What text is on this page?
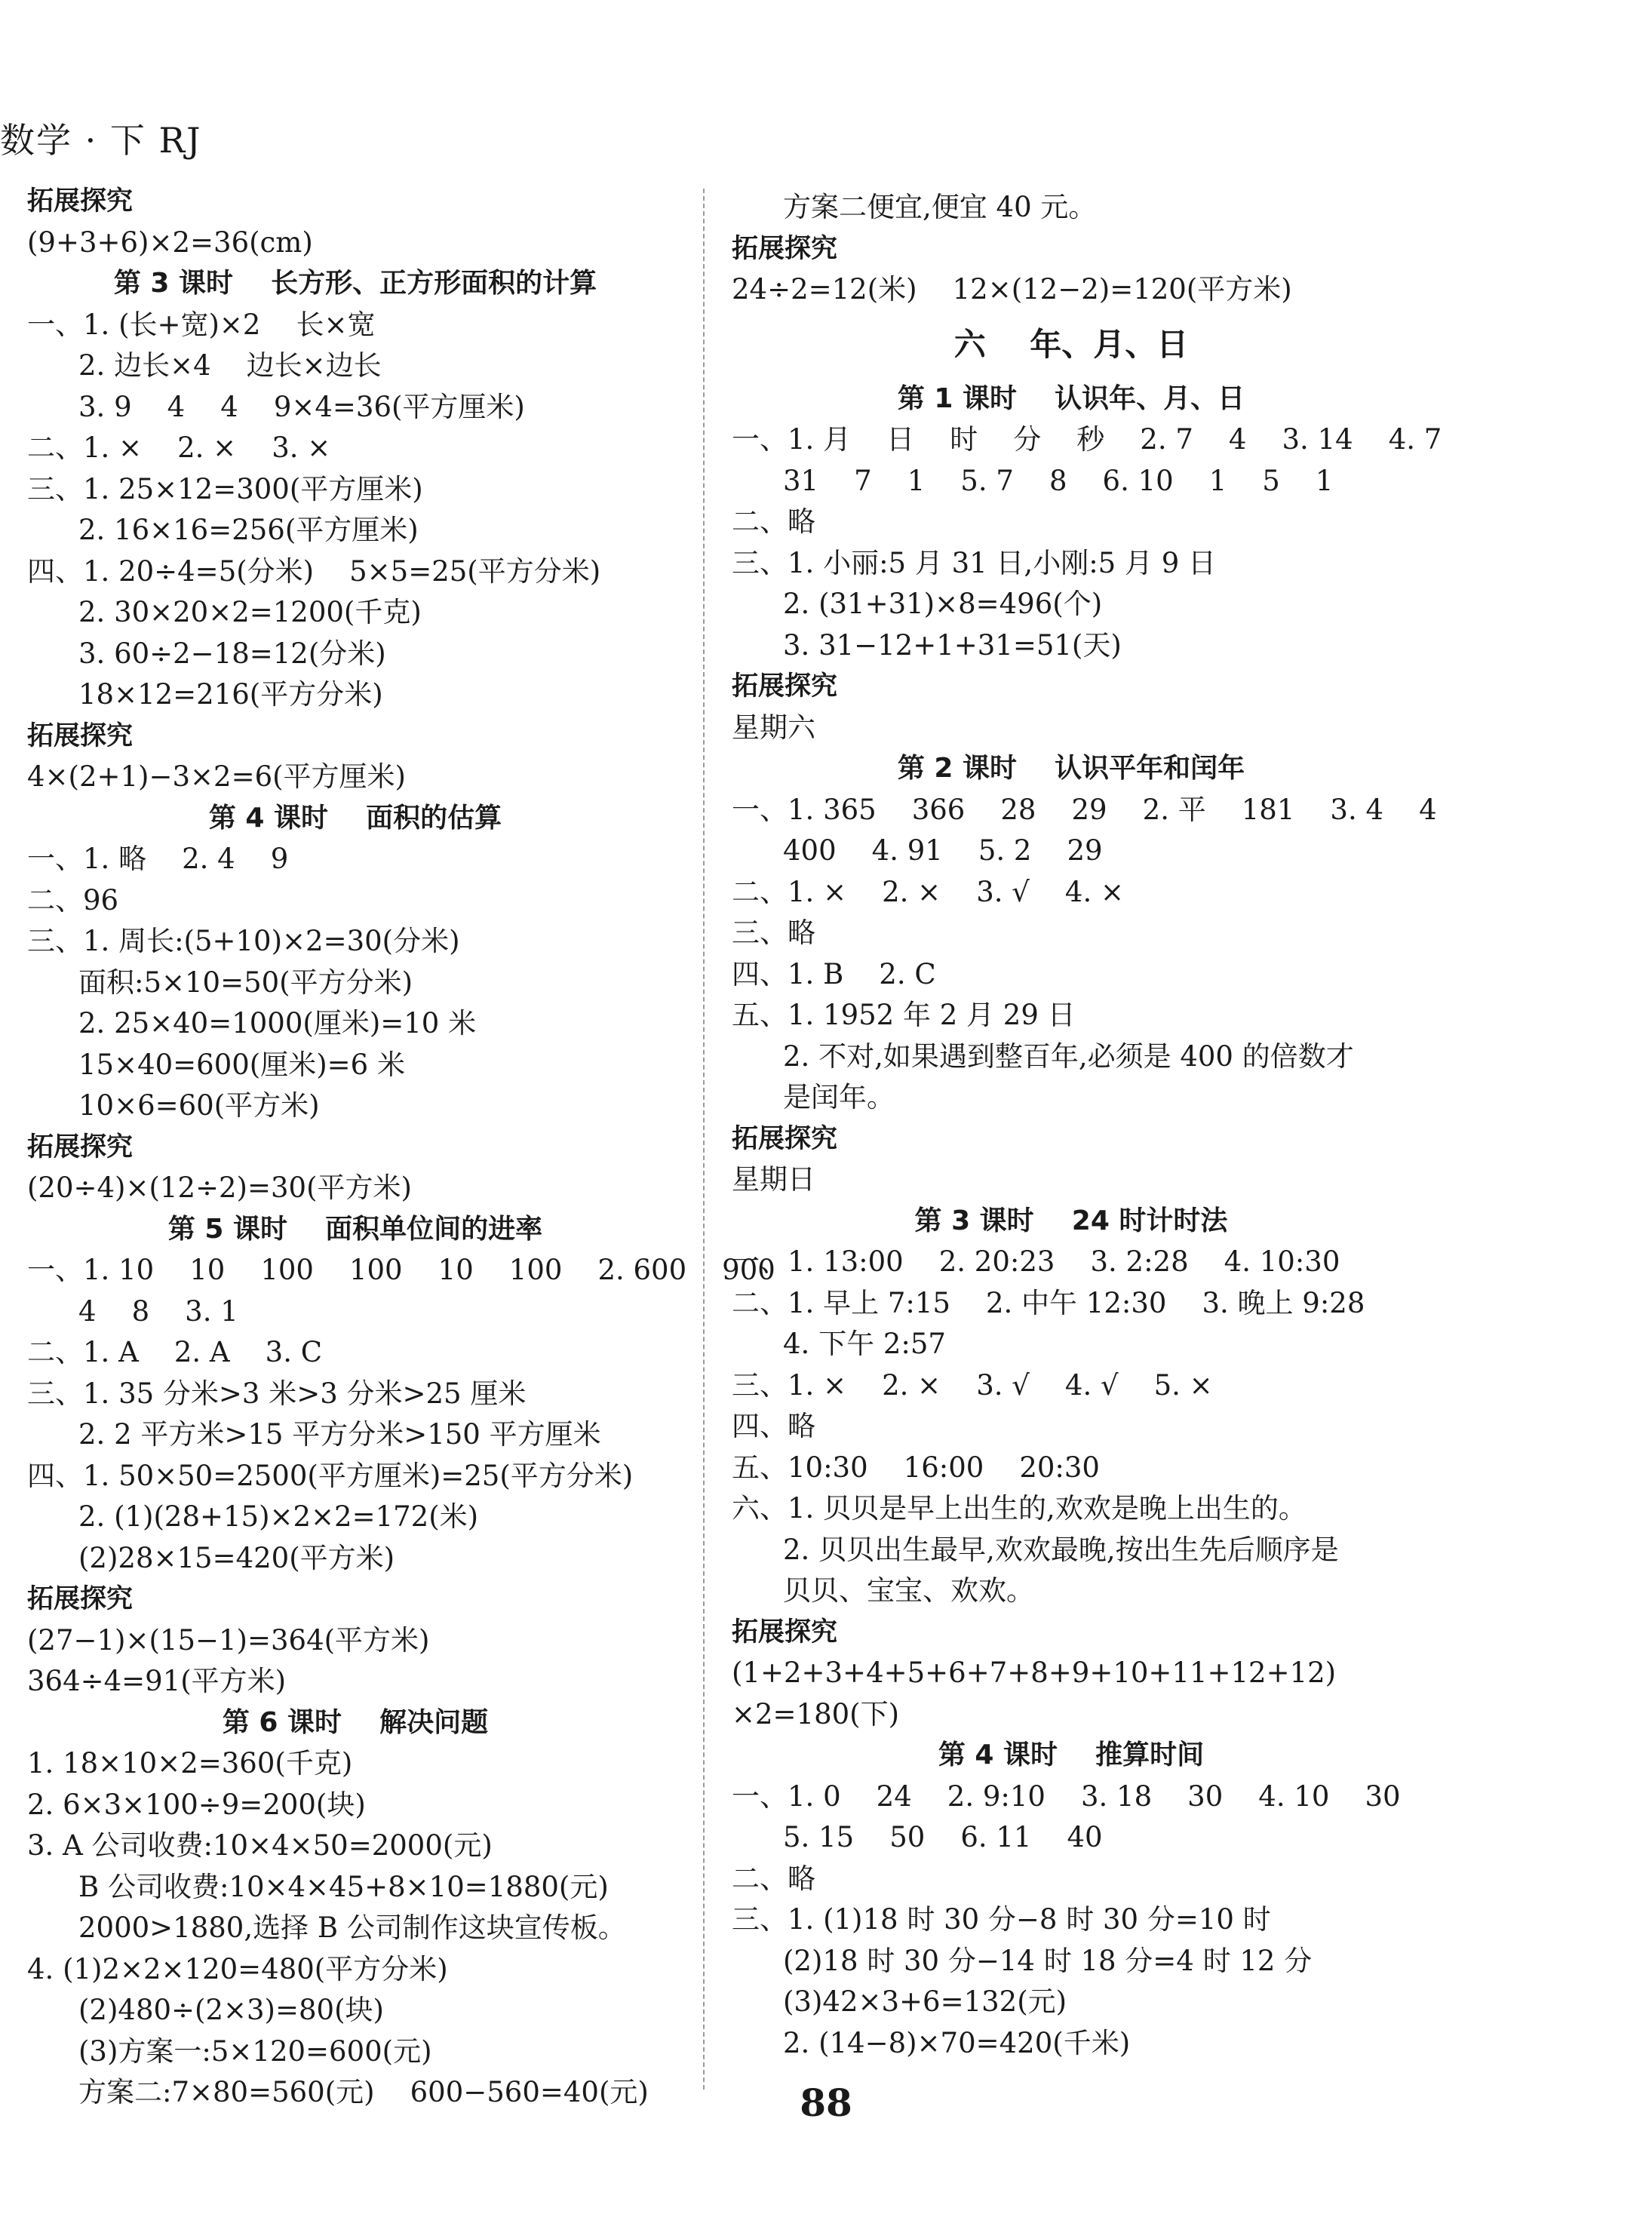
数学 · 下 RJ
拓展探究
(9+3+6)×2=36(cm)
第 3 课时    长方形、正方形面积的计算
一、1. (长+宽)×2    长×宽
2. 边长×4    边长×边长
3. 9    4    4    9×4=36(平方厘米)
二、1. ×    2. ×    3. ×
三、1. 25×12=300(平方厘米)
2. 16×16=256(平方厘米)
四、1. 20÷4=5(分米)    5×5=25(平方分米)
2. 30×20×2=1200(千克)
3. 60÷2−18=12(分米)
18×12=216(平方分米)
拓展探究
4×(2+1)−3×2=6(平方厘米)
第 4 课时    面积的估算
一、1. 略    2. 4    9
二、96
三、1. 周长:(5+10)×2=30(分米)
面积:5×10=50(平方分米)
2. 25×40=1000(厘米)=10 米
15×40=600(厘米)=6 米
10×6=60(平方米)
拓展探究
(20÷4)×(12÷2)=30(平方米)
第 5 课时    面积单位间的进率
一、1. 10    10    100    100    10    100    2. 600    900
4    8    3. 1
二、1. A    2. A    3. C
三、1. 35 分米>3 米>3 分米>25 厘米
2. 2 平方米>15 平方分米>150 平方厘米
四、1. 50×50=2500(平方厘米)=25(平方分米)
2. (1)(28+15)×2×2=172(米)
(2)28×15=420(平方米)
拓展探究
(27−1)×(15−1)=364(平方米)
364÷4=91(平方米)
第 6 课时    解决问题
1. 18×10×2=360(千克)
2. 6×3×100÷9=200(块)
3. A 公司收费:10×4×50=2000(元)
B 公司收费:10×4×45+8×10=1880(元)
2000>1880,选择 B 公司制作这块宣传板。
4. (1)2×2×120=480(平方分米)
(2)480÷(2×3)=80(块)
(3)方案一:5×120=600(元)
方案二:7×80=560(元)    600−560=40(元)
方案二便宜,便宜 40 元。
拓展探究
24÷2=12(米)    12×(12−2)=120(平方米)
六    年、月、日
第 1 课时    认识年、月、日
一、1. 月    日    时    分    秒    2. 7    4    3. 14    4. 7
31    7    1    5. 7    8    6. 10    1    5    1
二、略
三、1. 小丽:5 月 31 日,小刚:5 月 9 日
2. (31+31)×8=496(个)
3. 31−12+1+31=51(天)
拓展探究
星期六
第 2 课时    认识平年和闰年
一、1. 365    366    28    29    2. 平    181    3. 4    4
400    4. 91    5. 2    29
二、1. ×    2. ×    3. √    4. ×
三、略
四、1. B    2. C
五、1. 1952 年 2 月 29 日
2. 不对,如果遇到整百年,必须是 400 的倍数才
是闰年。
拓展探究
星期日
第 3 课时    24 时计时法
一、1. 13:00    2. 20:23    3. 2:28    4. 10:30
二、1. 早上 7:15    2. 中午 12:30    3. 晚上 9:28
4. 下午 2:57
三、1. ×    2. ×    3. √    4. √    5. ×
四、略
五、10:30    16:00    20:30
六、1. 贝贝是早上出生的,欢欢是晚上出生的。
2. 贝贝出生最早,欢欢最晚,按出生先后顺序是
贝贝、宝宝、欢欢。
拓展探究
(1+2+3+4+5+6+7+8+9+10+11+12+12)
×2=180(下)
第 4 课时    推算时间
一、1. 0    24    2. 9:10    3. 18    30    4. 10    30
5. 15    50    6. 11    40
二、略
三、1. (1)18 时 30 分−8 时 30 分=10 时
(2)18 时 30 分−14 时 18 分=4 时 12 分
(3)42×3+6=132(元)
2. (14−8)×70=420(千米)
88
